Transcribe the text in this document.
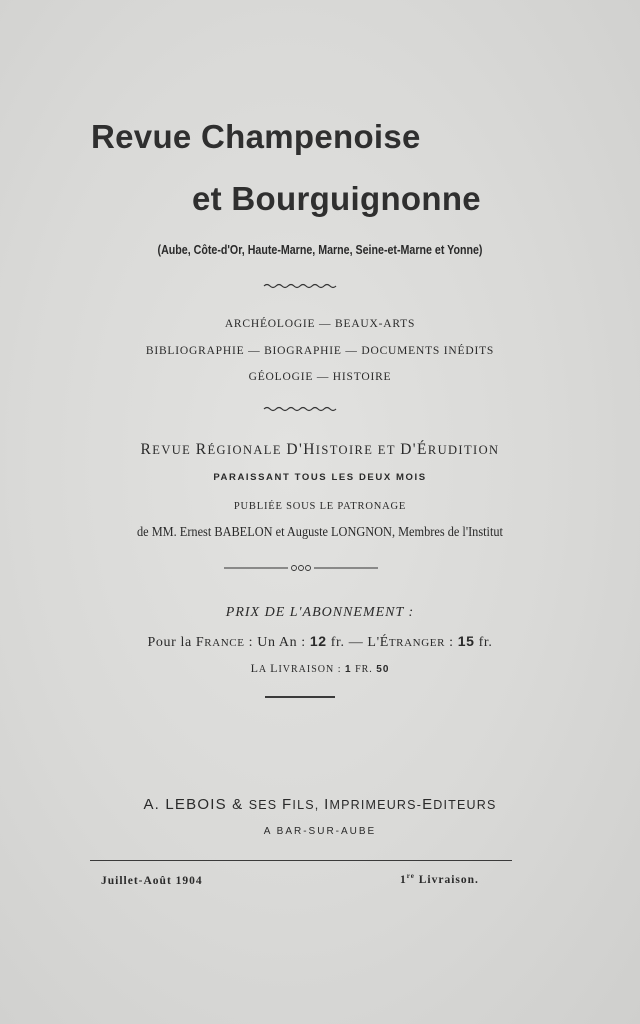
Revue Champenoise
et Bourguignonne
(Aube, Côte-d'Or, Haute-Marne, Marne, Seine-et-Marne et Yonne)
ARCHÉOLOGIE — BEAUX-ARTS
BIBLIOGRAPHIE — BIOGRAPHIE — DOCUMENTS INÉDITS
GÉOLOGIE — HISTOIRE
REVUE RÉGIONALE D'HISTOIRE ET D'ÉRUDITION
PARAISSANT TOUS LES DEUX MOIS
PUBLIÉE SOUS LE PATRONAGE
de MM. Ernest BABELON et Auguste LONGNON, Membres de l'Institut
PRIX DE L'ABONNEMENT :
Pour la FRANCE : Un An : 12 fr. — L'ÉTRANGER : 15 fr.
LA LIVRAISON : 1 FR. 50
A. LEBOIS & SES FILS, IMPRIMEURS-EDITEURS
A BAR-SUR-AUBE
Juillet-Août 1904	1re Livraison.
